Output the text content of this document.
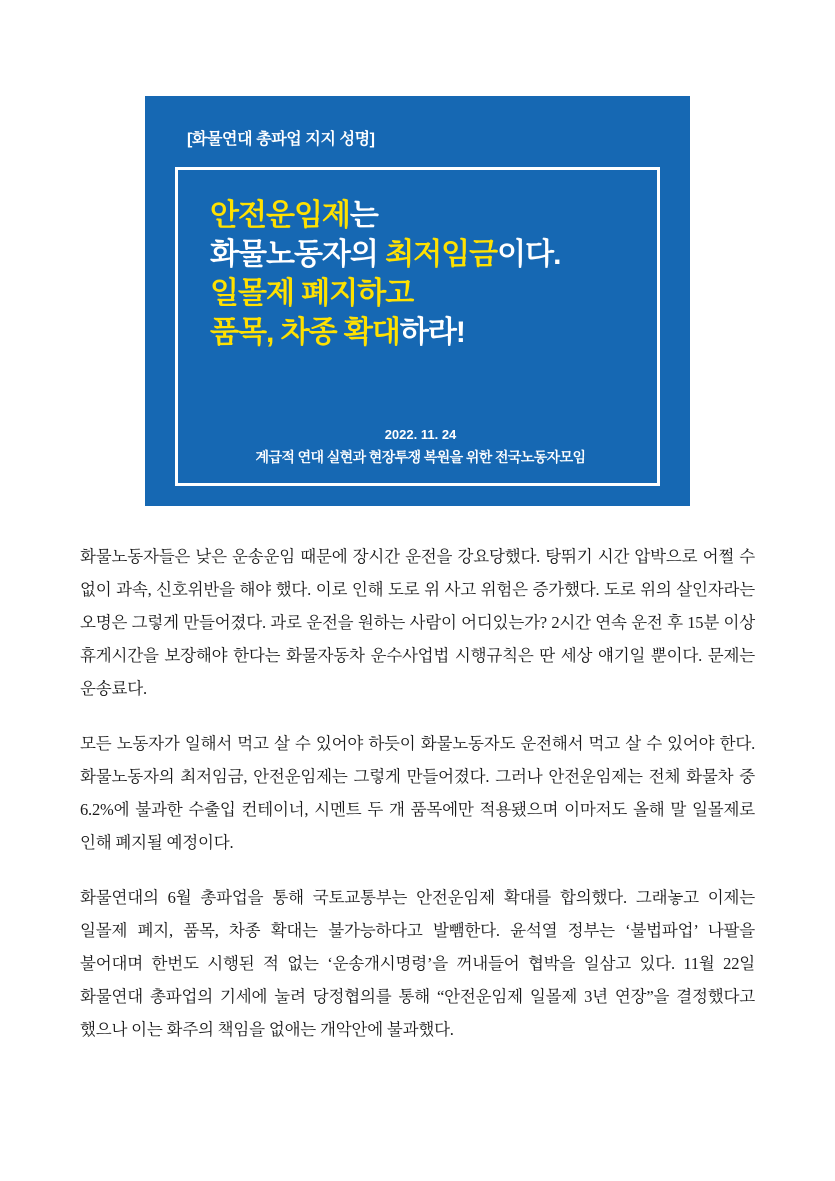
[화물연대 총파업 지지 성명]
안전운임제는
화물노동자의 최저임금이다.
일몰제 폐지하고
품목, 차종 확대하라!
2022. 11. 24
계급적 연대 실현과 현장투쟁 복원을 위한 전국노동자모임

화물노동자들은 낮은 운송운임 때문에 장시간 운전을 강요당했다. 탕뛰기 시간 압박으로 어쩔 수 없이 과속, 신호위반을 해야 했다. 이로 인해 도로 위 사고 위험은 증가했다. 도로 위의 살인자라는 오명은 그렇게 만들어졌다. 과로 운전을 원하는 사람이 어디있는가? 2시간 연속 운전 후 15분 이상 휴게시간을 보장해야 한다는 화물자동차 운수사업법 시행규칙은 딴 세상 얘기일 뿐이다. 문제는 운송료다.

모든 노동자가 일해서 먹고 살 수 있어야 하듯이 화물노동자도 운전해서 먹고 살 수 있어야 한다. 화물노동자의 최저임금, 안전운임제는 그렇게 만들어졌다. 그러나 안전운임제는 전체 화물차 중 6.2%에 불과한 수출입 컨테이너, 시멘트 두 개 품목에만 적용됐으며 이마저도 올해 말 일몰제로 인해 폐지될 예정이다.

화물연대의 6월 총파업을 통해 국토교통부는 안전운임제 확대를 합의했다. 그래놓고 이제는 일몰제 폐지, 품목, 차종 확대는 불가능하다고 발뺌한다. 윤석열 정부는 ‘불법파업’ 나팔을 불어대며 한번도 시행된 적 없는 ‘운송개시명령’을 꺼내들어 협박을 일삼고 있다. 11월 22일 화물연대 총파업의 기세에 눌려 당정협의를 통해 “안전운임제 일몰제 3년 연장”을 결정했다고 했으나 이는 화주의 책임을 없애는 개악안에 불과했다.
